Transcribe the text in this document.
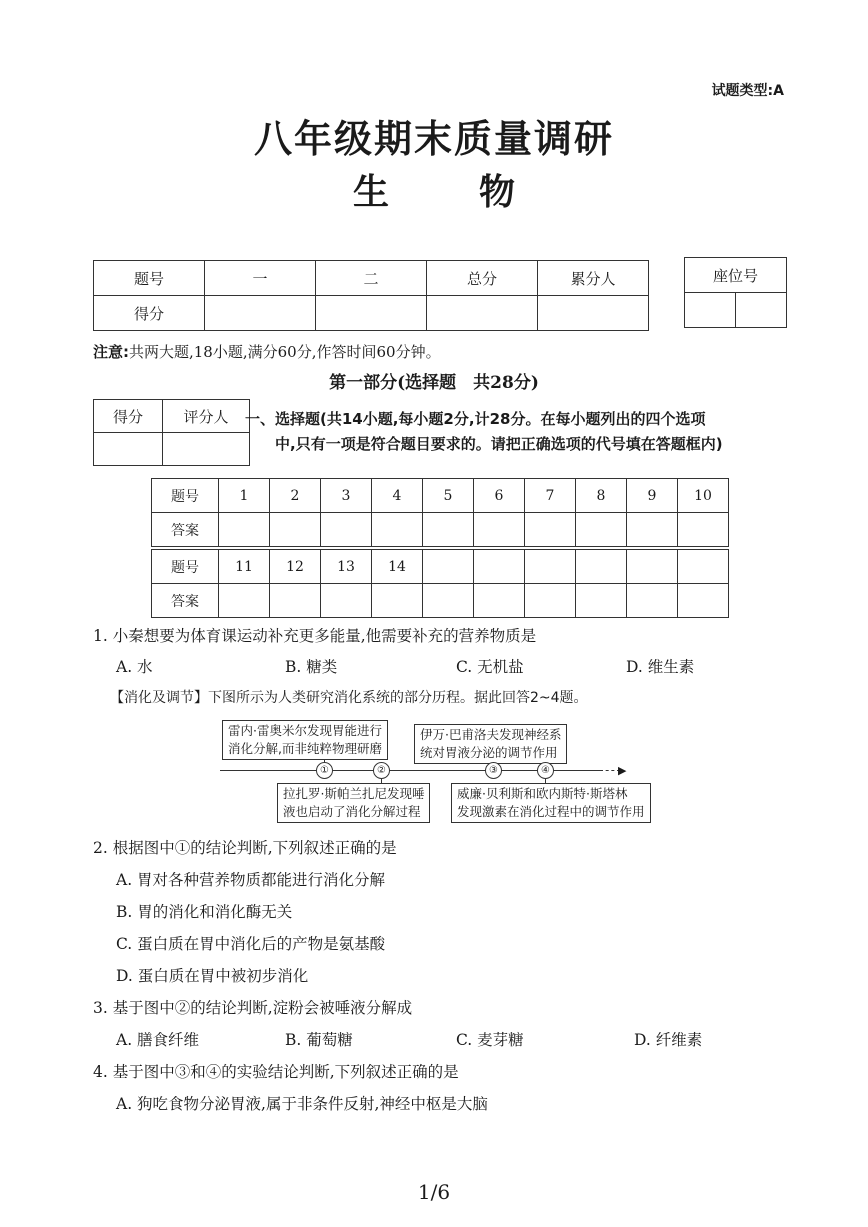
试题类型:A
八年级期末质量调研
生物
题号	一	二	总分	累分人
得分				
座位号

注意:共两大题,18小题,满分60分,作答时间60分钟。
第一部分(选择题　共28分)
得分	评分人
	一、选择题(共14小题,每小题2分,计28分。在每小题列出的四个选项
中,只有一项是符合题目要求的。请把正确选项的代号填在答题框内)
题号	1	2	3	4	5	6	7	8	9	10
答案										
题号	11	12	13	14						
答案										
1. 小秦想要为体育课运动补充更多能量,他需要补充的营养物质是
A. 水	B. 糖类	C. 无机盐	D. 维生素
【消化及调节】下图所示为人类研究消化系统的部分历程。据此回答2~4题。
雷内·雷奥米尔发现胃能进行
消化分解,而非纯粹物理研磨
伊万·巴甫洛夫发现神经系
统对胃液分泌的调节作用
▶
①	②	③	④
拉扎罗·斯帕兰扎尼发现唾
液也启动了消化分解过程
威廉·贝利斯和欧内斯特·斯塔林
发现激素在消化过程中的调节作用
2. 根据图中①的结论判断,下列叙述正确的是
A. 胃对各种营养物质都能进行消化分解
B. 胃的消化和消化酶无关
C. 蛋白质在胃中消化后的产物是氨基酸
D. 蛋白质在胃中被初步消化
3. 基于图中②的结论判断,淀粉会被唾液分解成
A. 膳食纤维	B. 葡萄糖	C. 麦芽糖	D. 纤维素
4. 基于图中③和④的实验结论判断,下列叙述正确的是
A. 狗吃食物分泌胃液,属于非条件反射,神经中枢是大脑
1/6
